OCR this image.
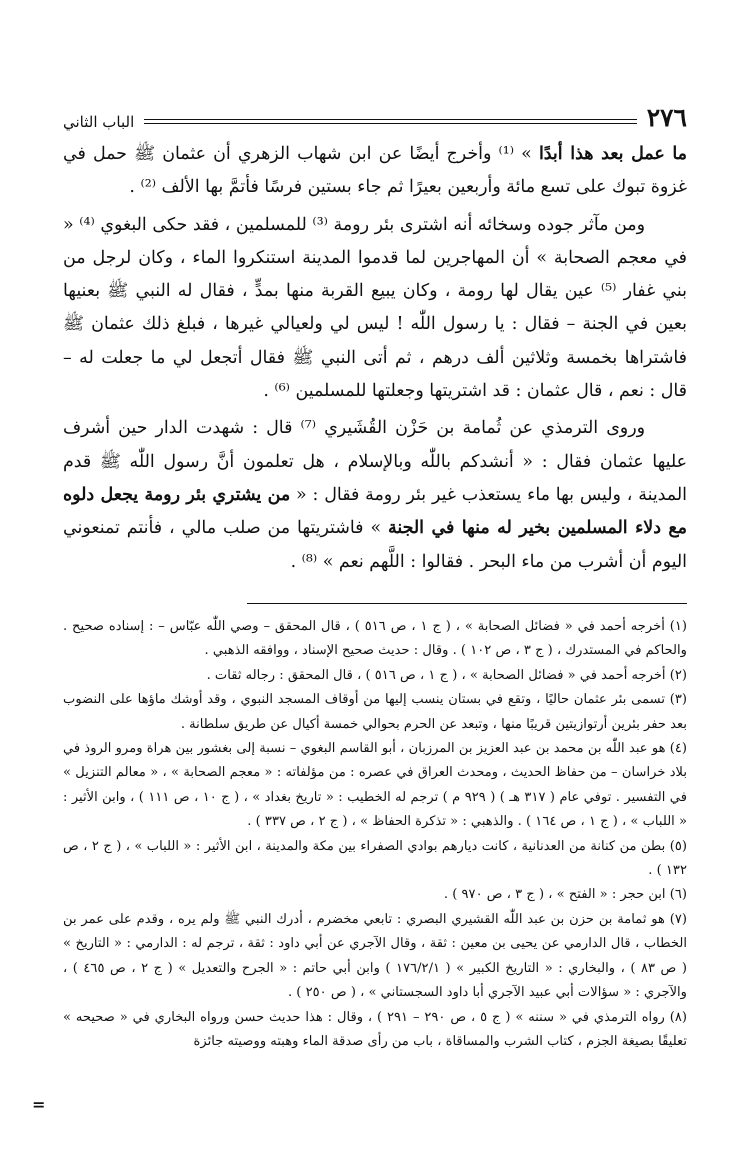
٢٧٦
الباب الثاني

ما عمل بعد هذا أبدًا » ⁽¹⁾ وأخرج أيضًا عن ابن شهاب الزهري أن عثمان ﷺ حمل في غزوة تبوك على تسع مائة وأربعين بعيرًا ثم جاء بستين فرسًا فأتمَّ بها الألف ⁽²⁾ .

ومن مآثر جوده وسخائه أنه اشترى بئر رومة ⁽³⁾ للمسلمين ، فقد حكى البغوي ⁽⁴⁾ « في معجم الصحابة » أن المهاجرين لما قدموا المدينة استنكروا الماء ، وكان لرجل من بني غفار ⁽⁵⁾ عين يقال لها رومة ، وكان يبيع القربة منها بمدٍّ ، فقال له النبي ﷺ بعنيها بعين في الجنة – فقال : يا رسول اللّٰه ! ليس لي ولعيالي غيرها ، فبلغ ذلك عثمان ﷺ فاشتراها بخمسة وثلاثين ألف درهم ، ثم أتى النبي ﷺ فقال أتجعل لي ما جعلت له – قال : نعم ، قال عثمان : قد اشتريتها وجعلتها للمسلمين ⁽⁶⁾ .

وروى الترمذي عن ثُمامة بن حَزْن القُشَيري ⁽⁷⁾ قال : شهدت الدار حين أشرف عليها عثمان فقال : « أنشدكم باللّٰه وبالإسلام ، هل تعلمون أنَّ رسول اللّٰه ﷺ قدم المدينة ، وليس بها ماء يستعذب غير بئر رومة فقال : « من يشتري بئر رومة يجعل دلوه مع دلاء المسلمين بخير له منها في الجنة » فاشتريتها من صلب مالي ، فأنتم تمنعوني اليوم أن أشرب من ماء البحر . فقالوا : اللَّهم نعم » ⁽⁸⁾ .

(١) أخرجه أحمد في « فضائل الصحابة » ، ( ج ١ ، ص ٥١٦ ) ، قال المحقق – وصي اللّٰه عبّاس – : إسناده صحيح . والحاكم في المستدرك ، ( ج ٣ ، ص ١٠٢ ) . وقال : حديث صحيح الإسناد ، ووافقه الذهبي .

(٢) أخرجه أحمد في « فضائل الصحابة » ، ( ج ١ ، ص ٥١٦ ) ، قال المحقق : رجاله ثقات .

(٣) تسمى بئر عثمان حاليًا ، وتقع في بستان ينسب إليها من أوقاف المسجد النبوي ، وقد أوشك ماؤها على النضوب بعد حفر بئرين أرتوازيتين قريبًا منها ، وتبعد عن الحرم بحوالي خمسة أكيال عن طريق سلطانة .

(٤) هو عبد اللّٰه بن محمد بن عبد العزيز بن المرزبان ، أبو القاسم البغوي – نسبة إلى بغشور بين هراة ومرو الروذ في بلاد خراسان – من حفاظ الحديث ، ومحدث العراق في عصره : من مؤلفاته : « معجم الصحابة » ، « معالم التنزيل » في التفسير . توفي عام ( ٣١٧ هـ ) ( ٩٢٩ م ) ترجم له الخطيب : « تاريخ بغداد » ، ( ج ١٠ ، ص ١١١ ) ، وابن الأثير : « اللباب » ، ( ج ١ ، ص ١٦٤ ) . والذهبي : « تذكرة الحفاظ » ، ( ج ٢ ، ص ٣٣٧ ) .

(٥) بطن من كنانة من العدنانية ، كانت ديارهم بوادي الصفراء بين مكة والمدينة ، ابن الأثير : « اللباب » ، ( ج ٢ ، ص ١٣٢ ) .

(٦) ابن حجر : « الفتح » ، ( ج ٣ ، ص ٩٧٠ ) .

(٧) هو ثمامة بن حزن بن عبد اللّٰه القشيري البصري : تابعي مخضرم ، أدرك النبي ﷺ ولم يره ، وقدم على عمر بن الخطاب ، قال الدارمي عن يحيى بن معين : ثقة ، وقال الآجري عن أبي داود : ثقة ، ترجم له : الدارمي : « التاريخ » ( ص ٨٣ ) ، والبخاري : « التاريخ الكبير » ( ١٧٦/٢/١ ) وابن أبي حاتم : « الجرح والتعديل » ( ج ٢ ، ص ٤٦٥ ) ، والآجري : « سؤالات أبي عبيد الآجري أبا داود السجستاني » ، ( ص ٢٥٠ ) .

(٨) رواه الترمذي في « سننه » ( ج ٥ ، ص ٢٩٠ – ٢٩١ ) ، وقال : هذا حديث حسن ورواه البخاري في « صحيحه » تعليقًا بصيغة الجزم ، كتاب الشرب والمساقاة ، باب من رأى صدقة الماء وهبته ووصيته جائزة

=
